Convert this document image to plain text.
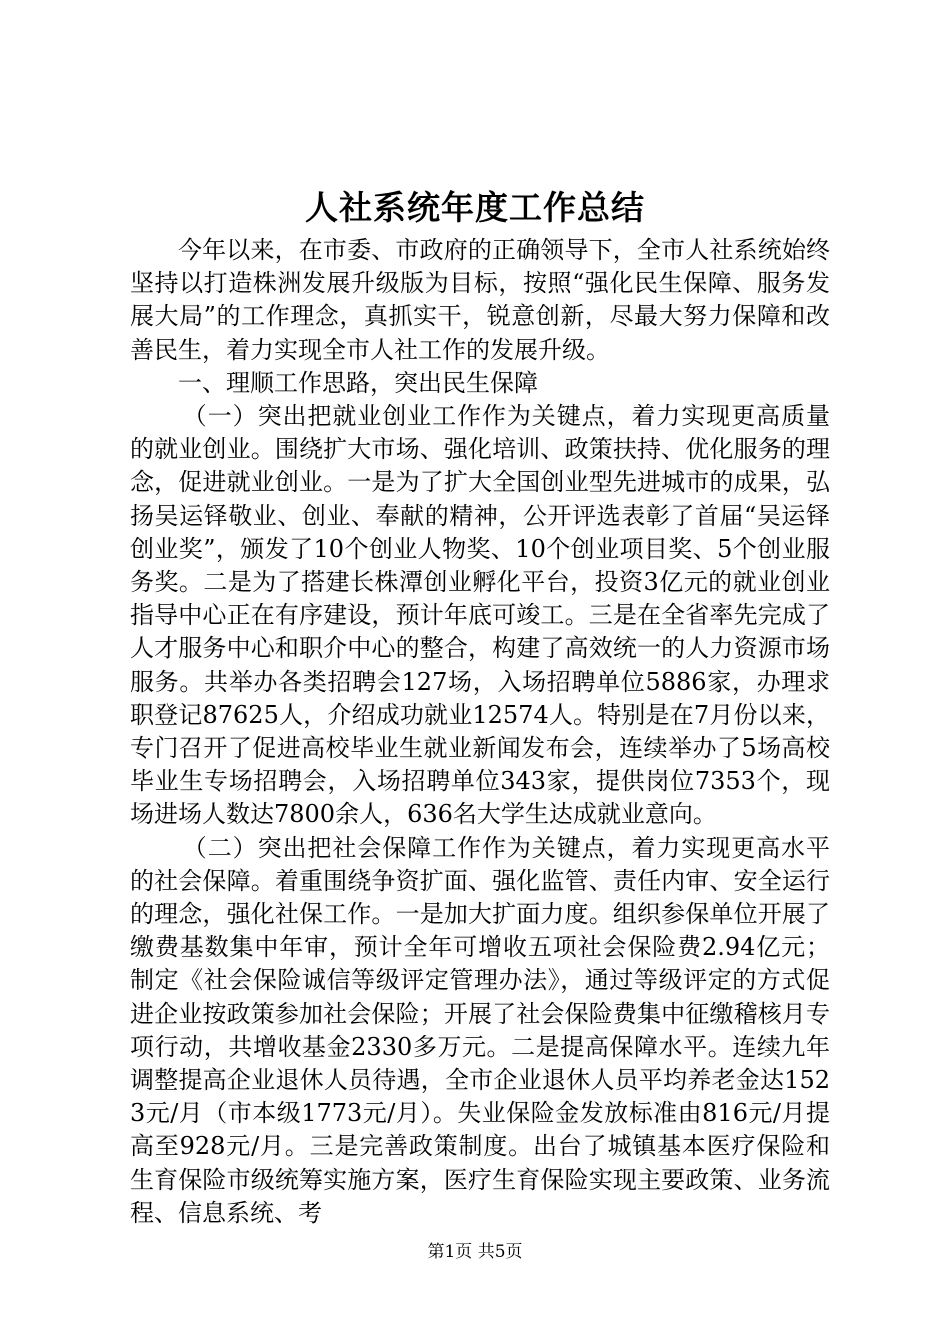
人社系统年度工作总结

今年以来，在市委、市政府的正确领导下，全市人社系统始终坚持以打造株洲发展升级版为目标，按照“强化民生保障、服务发展大局”的工作理念，真抓实干，锐意创新，尽最大努力保障和改善民生，着力实现全市人社工作的发展升级。

一、理顺工作思路，突出民生保障

（一）突出把就业创业工作作为关键点，着力实现更高质量的就业创业。围绕扩大市场、强化培训、政策扶持、优化服务的理念，促进就业创业。一是为了扩大全国创业型先进城市的成果，弘扬吴运铎敬业、创业、奉献的精神，公开评选表彰了首届“吴运铎创业奖”，颁发了10个创业人物奖、10个创业项目奖、5个创业服务奖。二是为了搭建长株潭创业孵化平台，投资3亿元的就业创业指导中心正在有序建设，预计年底可竣工。三是在全省率先完成了人才服务中心和职介中心的整合，构建了高效统一的人力资源市场服务。共举办各类招聘会127场，入场招聘单位5886家，办理求职登记87625人，介绍成功就业12574人。特别是在7月份以来，专门召开了促进高校毕业生就业新闻发布会，连续举办了5场高校毕业生专场招聘会，入场招聘单位343家，提供岗位7353个，现场进场人数达7800余人，636名大学生达成就业意向。

（二）突出把社会保障工作作为关键点，着力实现更高水平的社会保障。着重围绕争资扩面、强化监管、责任内审、安全运行的理念，强化社保工作。一是加大扩面力度。组织参保单位开展了缴费基数集中年审，预计全年可增收五项社会保险费2.94亿元；制定《社会保险诚信等级评定管理办法》，通过等级评定的方式促进企业按政策参加社会保险；开展了社会保险费集中征缴稽核月专项行动，共增收基金2330多万元。二是提高保障水平。连续九年调整提高企业退休人员待遇，全市企业退休人员平均养老金达1523元/月（市本级1773元/月）。失业保险金发放标准由816元/月提高至928元/月。三是完善政策制度。出台了城镇基本医疗保险和生育保险市级统筹实施方案，医疗生育保险实现主要政策、业务流程、信息系统、考

第1页 共5页
